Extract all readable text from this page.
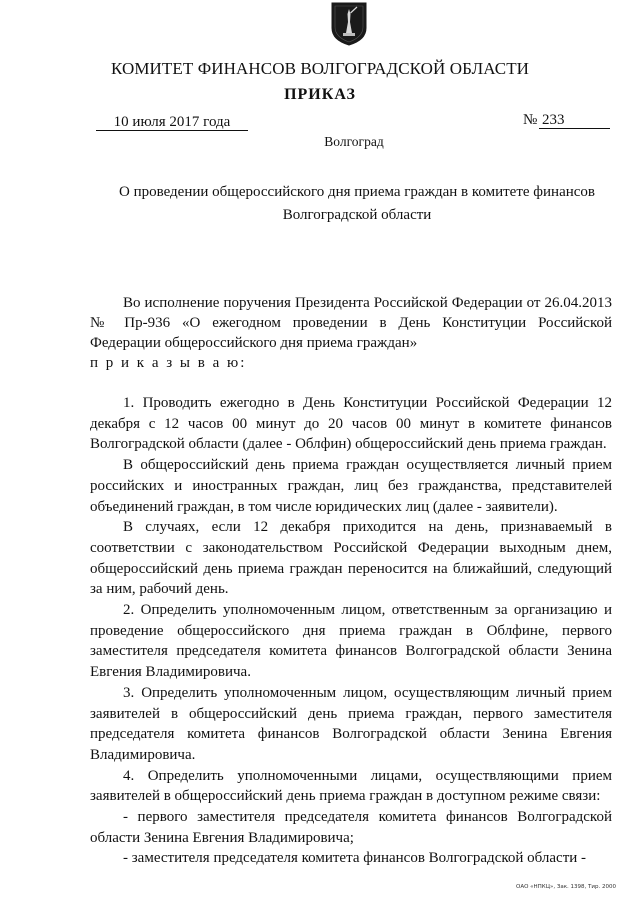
КОМИТЕТ ФИНАНСОВ ВОЛГОГРАДСКОЙ ОБЛАСТИ
ПРИКАЗ
10 июля 2017 года	№ 233
Волгоград
О проведении общероссийского дня приема граждан в комитете финансов Волгоградской области

Во исполнение поручения Президента Российской Федерации от 26.04.2013 № Пр-936 «О ежегодном проведении в День Конституции Российской Федерации общероссийского дня приема граждан»

п р и к а з ы в а ю:

1. Проводить ежегодно в День Конституции Российской Федерации 12 декабря с 12 часов 00 минут до 20 часов 00 минут в комитете финансов Волгоградской области (далее - Облфин) общероссийский день приема граждан.

В общероссийский день приема граждан осуществляется личный прием российских и иностранных граждан, лиц без гражданства, представителей объединений граждан, в том числе юридических лиц (далее - заявители).

В случаях, если 12 декабря приходится на день, признаваемый в соответствии с законодательством Российской Федерации выходным днем, общероссийский день приема граждан переносится на ближайший, следующий за ним, рабочий день.

2. Определить уполномоченным лицом, ответственным за организацию и проведение общероссийского дня приема граждан в Облфине, первого заместителя председателя комитета финансов Волгоградской области Зенина Евгения Владимировича.

3. Определить уполномоченным лицом, осуществляющим личный прием заявителей в общероссийский день приема граждан, первого заместителя председателя комитета финансов Волгоградской области Зенина Евгения Владимировича.

4. Определить уполномоченными лицами, осуществляющими прием заявителей в общероссийский день приема граждан в доступном режиме связи:

- первого заместителя председателя комитета финансов Волгоградской области Зенина Евгения Владимировича;

- заместителя председателя комитета финансов Волгоградской области -

ОАО «НПКЦ», Зак. 1398, Тир. 2000
